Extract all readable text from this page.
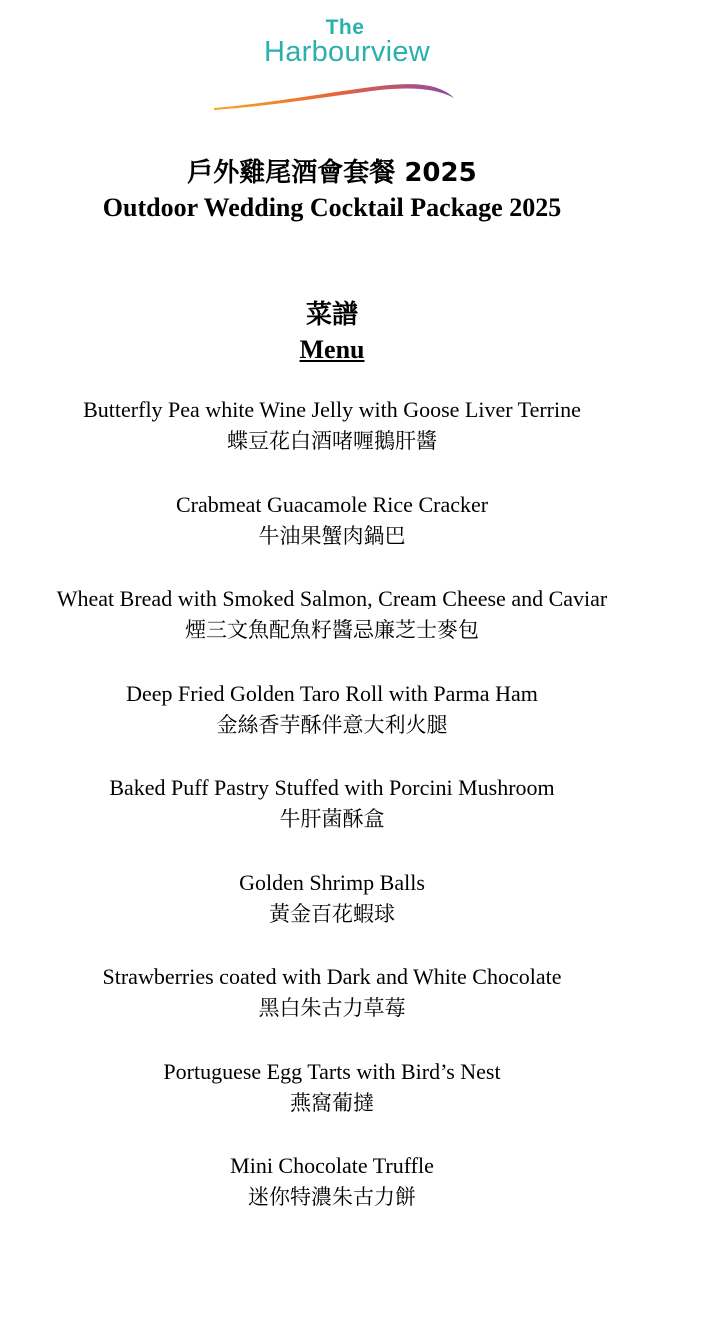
The
Harbourview
戶外雞尾酒會套餐 2025
Outdoor Wedding Cocktail Package 2025
菜譜
Menu
Butterfly Pea white Wine Jelly with Goose Liver Terrine
蝶豆花白酒啫喱鵝肝醬
Crabmeat Guacamole Rice Cracker
牛油果蟹肉鍋巴
Wheat Bread with Smoked Salmon, Cream Cheese and Caviar
煙三文魚配魚籽醬忌廉芝士麥包
Deep Fried Golden Taro Roll with Parma Ham
金絲香芋酥伴意大利火腿
Baked Puff Pastry Stuffed with Porcini Mushroom
牛肝菌酥盒
Golden Shrimp Balls
黃金百花蝦球
Strawberries coated with Dark and White Chocolate
黑白朱古力草莓
Portuguese Egg Tarts with Bird’s Nest
燕窩葡撻
Mini Chocolate Truffle
迷你特濃朱古力餅
